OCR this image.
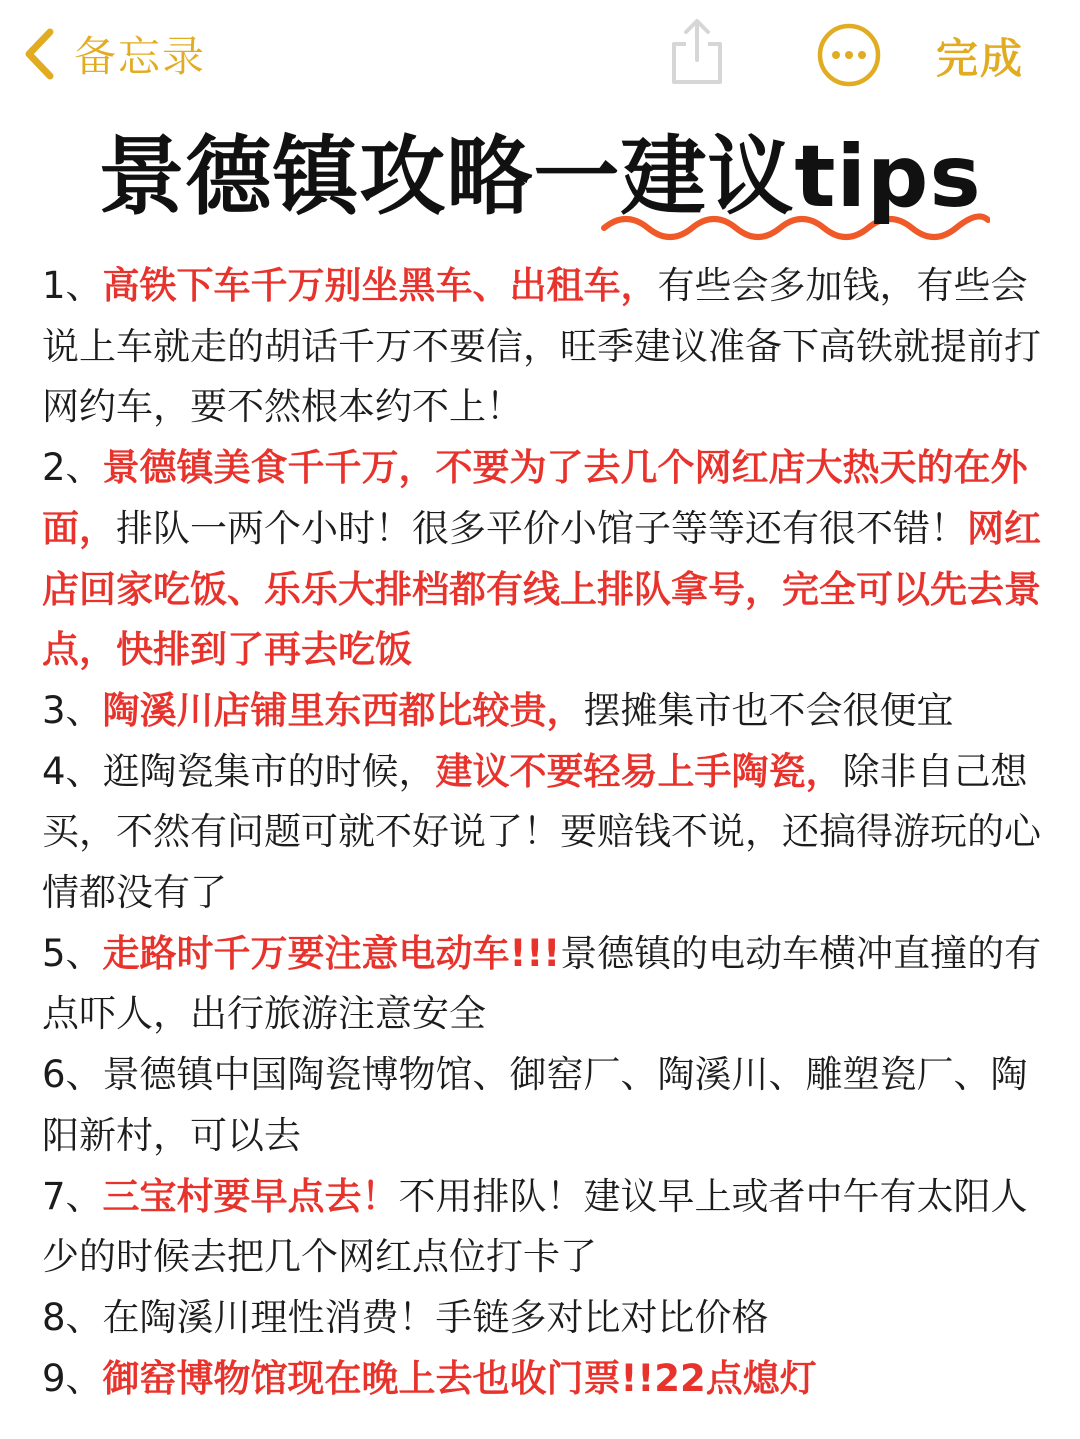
备忘录	完成
景德镇攻略一建议tips

1、高铁下车千万别坐黑车、出租车，有些会多加钱，有些会说上车就走的胡话千万不要信，旺季建议准备下高铁就提前打网约车，要不然根本约不上！

2、景德镇美食千千万，不要为了去几个网红店大热天的在外面，排队一两个小时！很多平价小馆子等等还有很不错！网红店回家吃饭、乐乐大排档都有线上排队拿号，完全可以先去景点，快排到了再去吃饭

3、陶溪川店铺里东西都比较贵，摆摊集市也不会很便宜

4、逛陶瓷集市的时候，建议不要轻易上手陶瓷，除非自己想买，不然有问题可就不好说了！要赔钱不说，还搞得游玩的心情都没有了

5、走路时千万要注意电动车!!!景德镇的电动车横冲直撞的有点吓人，出行旅游注意安全

6、景德镇中国陶瓷博物馆、御窑厂、陶溪川、雕塑瓷厂、陶阳新村，可以去

7、三宝村要早点去！不用排队！建议早上或者中午有太阳人少的时候去把几个网红点位打卡了

8、在陶溪川理性消费！手链多对比对比价格

9、御窑博物馆现在晚上去也收门票!!22点熄灯
